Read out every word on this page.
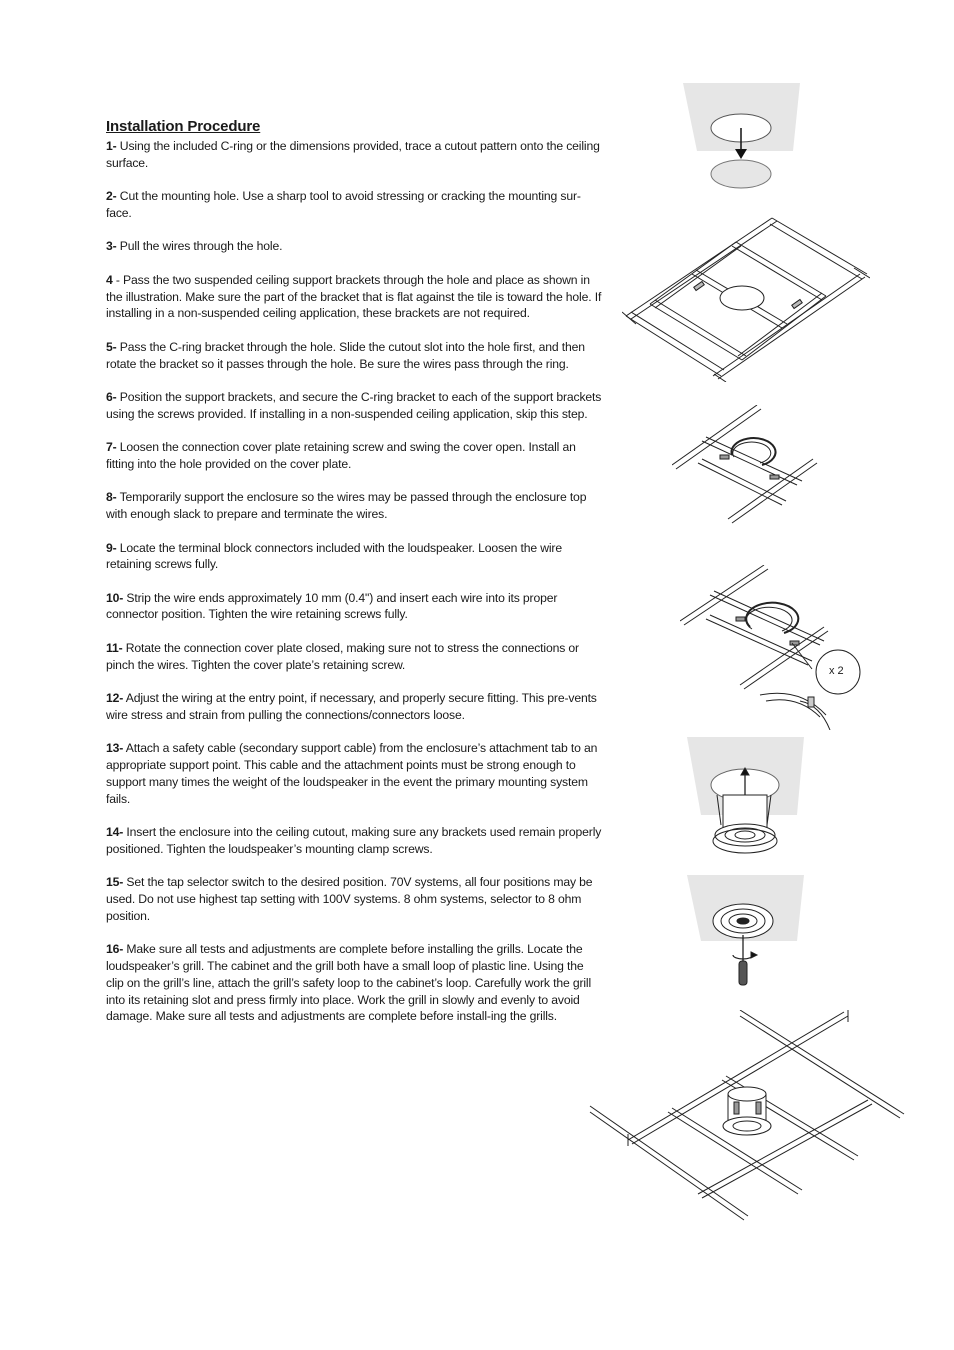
Installation Procedure
1- Using the included C-ring or the dimensions provided, trace a cutout pattern onto the ceiling surface.
2- Cut the mounting hole. Use a sharp tool to avoid stressing or cracking the mounting sur-face.
3- Pull the wires through the hole.
4 - Pass the two suspended ceiling support brackets through the hole and place as shown in the illustration. Make sure the part of the bracket that is flat against the tile is toward the hole. If installing in a non-suspended ceiling application, these brackets are not required.
5- Pass the C-ring bracket through the hole. Slide the cutout slot into the hole first, and then rotate the bracket so it passes through the hole. Be sure the wires pass through the ring.
6- Position the support brackets, and secure the C-ring bracket to each of the support brackets using the screws provided. If installing in a non-suspended ceiling application, skip this step.
7- Loosen the connection cover plate retaining screw and swing the cover open. Install an fitting into the hole provided on the cover plate.
8- Temporarily support the enclosure so the wires may be passed through the enclosure top with enough slack to prepare and terminate the wires.
9- Locate the terminal block connectors included with the loudspeaker. Loosen the wire retaining screws fully.
10- Strip the wire ends approximately 10 mm (0.4") and insert each wire into its proper connector position. Tighten the wire retaining screws fully.
11- Rotate the connection cover plate closed, making sure not to stress the connections or pinch the wires. Tighten the cover plate’s retaining screw.
12- Adjust the wiring at the entry point, if necessary, and properly secure fitting. This pre-vents wire stress and strain from pulling the connections/connectors loose.
13- Attach a safety cable (secondary support cable) from the enclosure’s attachment tab to an appropriate support point. This cable and the attachment points must be strong enough to support many times the weight of the loudspeaker in the event the primary mounting system fails.
14- Insert the enclosure into the ceiling cutout, making sure any brackets used remain properly positioned. Tighten the loudspeaker’s mounting clamp screws.
15- Set the tap selector switch to the desired position. 70V systems, all four positions may be used. Do not use highest tap setting with 100V systems. 8 ohm systems, selector to 8 ohm position.
16- Make sure all tests and adjustments are complete before installing the grills. Locate the loudspeaker’s grill. The cabinet and the grill both have a small loop of plastic line. Using the clip on the grill’s line, attach the grill’s safety loop to the cabinet’s loop. Carefully work the grill into its retaining slot and press firmly into place. Work the grill in slowly and evenly to avoid damage. Make sure all tests and adjustments are complete before install-ing the grills.
x 2
